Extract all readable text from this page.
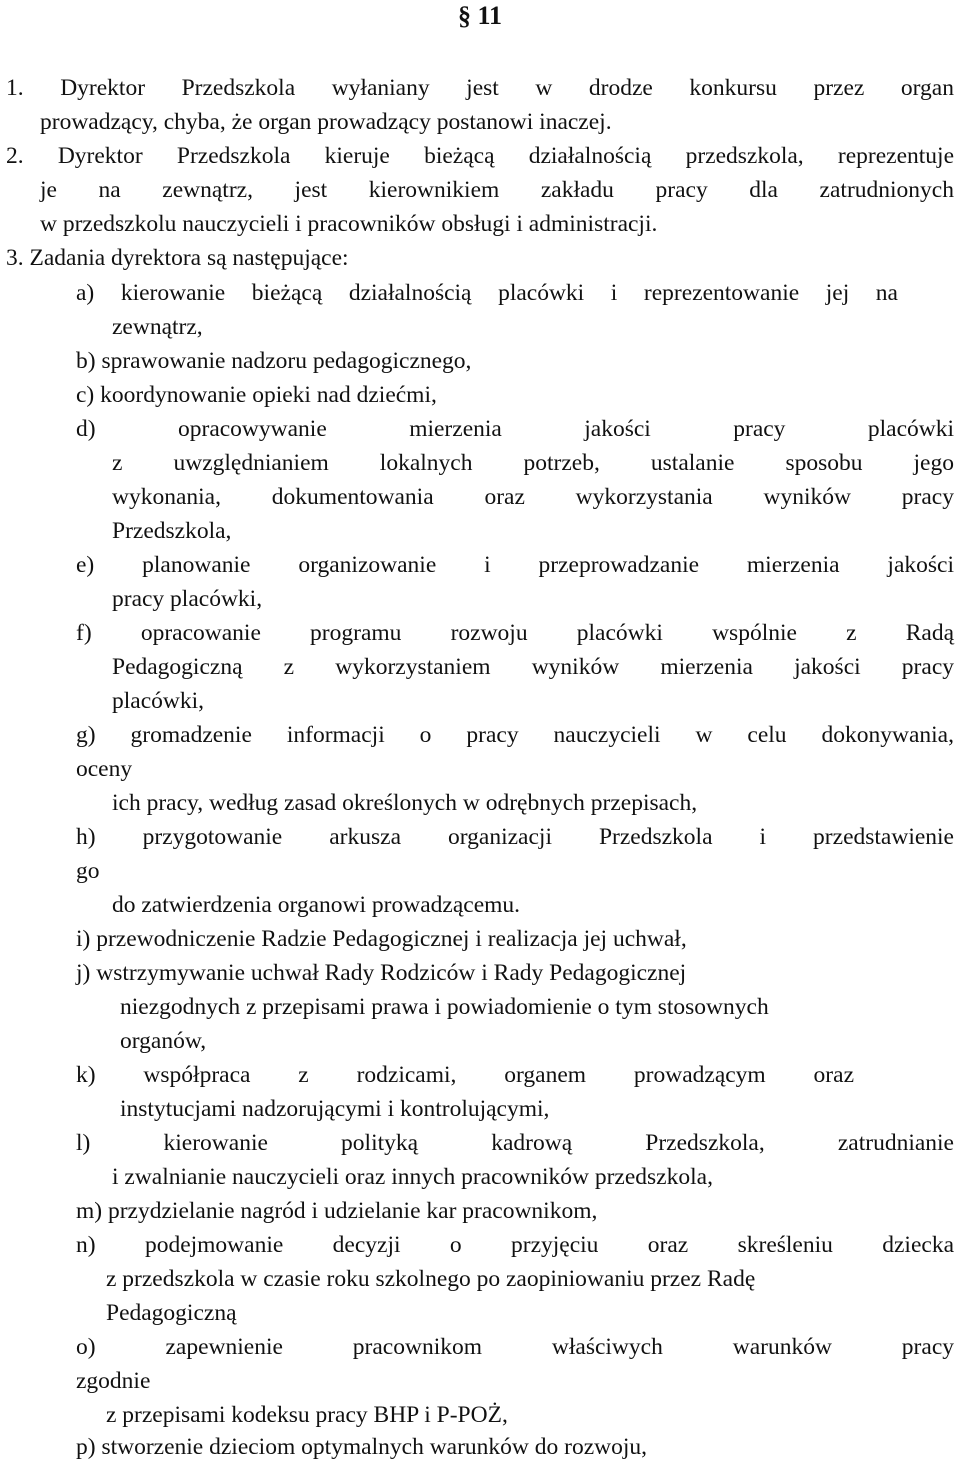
§ 11
1. Dyrektor Przedszkola wyłaniany jest w drodze konkursu przez organ
prowadzący, chyba, że organ prowadzący postanowi inaczej.
2. Dyrektor Przedszkola kieruje bieżącą działalnością przedszkola, reprezentuje
je na zewnątrz, jest kierownikiem zakładu pracy dla zatrudnionych
w przedszkolu nauczycieli i pracowników obsługi i administracji.
3. Zadania dyrektora są następujące:
a) kierowanie bieżącą działalnością placówki i reprezentowanie jej na
zewnątrz,
b) sprawowanie nadzoru pedagogicznego,
c) koordynowanie opieki nad dziećmi,
d) opracowywanie mierzenia jakości pracy placówki
z uwzględnianiem lokalnych potrzeb, ustalanie sposobu jego
wykonania, dokumentowania oraz wykorzystania wyników pracy
Przedszkola,
e) planowanie organizowanie i przeprowadzanie mierzenia jakości
pracy placówki,
f) opracowanie programu rozwoju placówki wspólnie z Radą
Pedagogiczną z wykorzystaniem wyników mierzenia jakości pracy
placówki,
g) gromadzenie informacji o pracy nauczycieli w celu dokonywania,
oceny
ich pracy, według zasad określonych w odrębnych przepisach,
h) przygotowanie arkusza organizacji Przedszkola i przedstawienie
go
do zatwierdzenia organowi prowadzącemu.
i) przewodniczenie Radzie Pedagogicznej i realizacja jej uchwał,
j) wstrzymywanie uchwał Rady Rodziców i Rady Pedagogicznej
niezgodnych z przepisami prawa i powiadomienie o tym stosownych
organów,
k) współpraca z rodzicami, organem prowadzącym oraz
instytucjami nadzorującymi i kontrolującymi,
l) kierowanie polityką kadrową Przedszkola, zatrudnianie
i zwalnianie nauczycieli oraz innych pracowników przedszkola,
m) przydzielanie nagród i udzielanie kar pracownikom,
n) podejmowanie decyzji o przyjęciu oraz skreśleniu dziecka
z przedszkola w czasie roku szkolnego po zaopiniowaniu przez Radę
Pedagogiczną
o) zapewnienie pracownikom właściwych warunków pracy
zgodnie
z przepisami kodeksu pracy BHP i P-POŻ,
p) stworzenie dzieciom optymalnych warunków do rozwoju,
